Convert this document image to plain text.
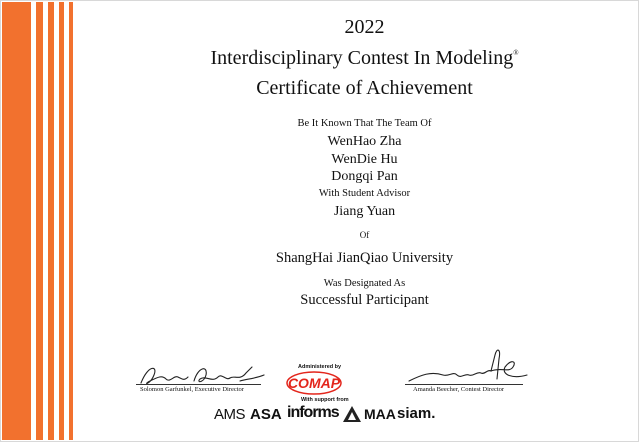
2022
Interdisciplinary Contest In Modeling®
Certificate of Achievement
Be It Known That The Team Of
WenHao Zha
WenDie Hu
Dongqi Pan
With Student Advisor
Jiang Yuan
Of
ShangHai JianQiao University
Was Designated As
Successful Participant
Solomon Garfunkel, Executive Director	Amanda Beecher, Contest Director
Administered by
COMAP
With support from
AMS ASA informs MAA siam.
